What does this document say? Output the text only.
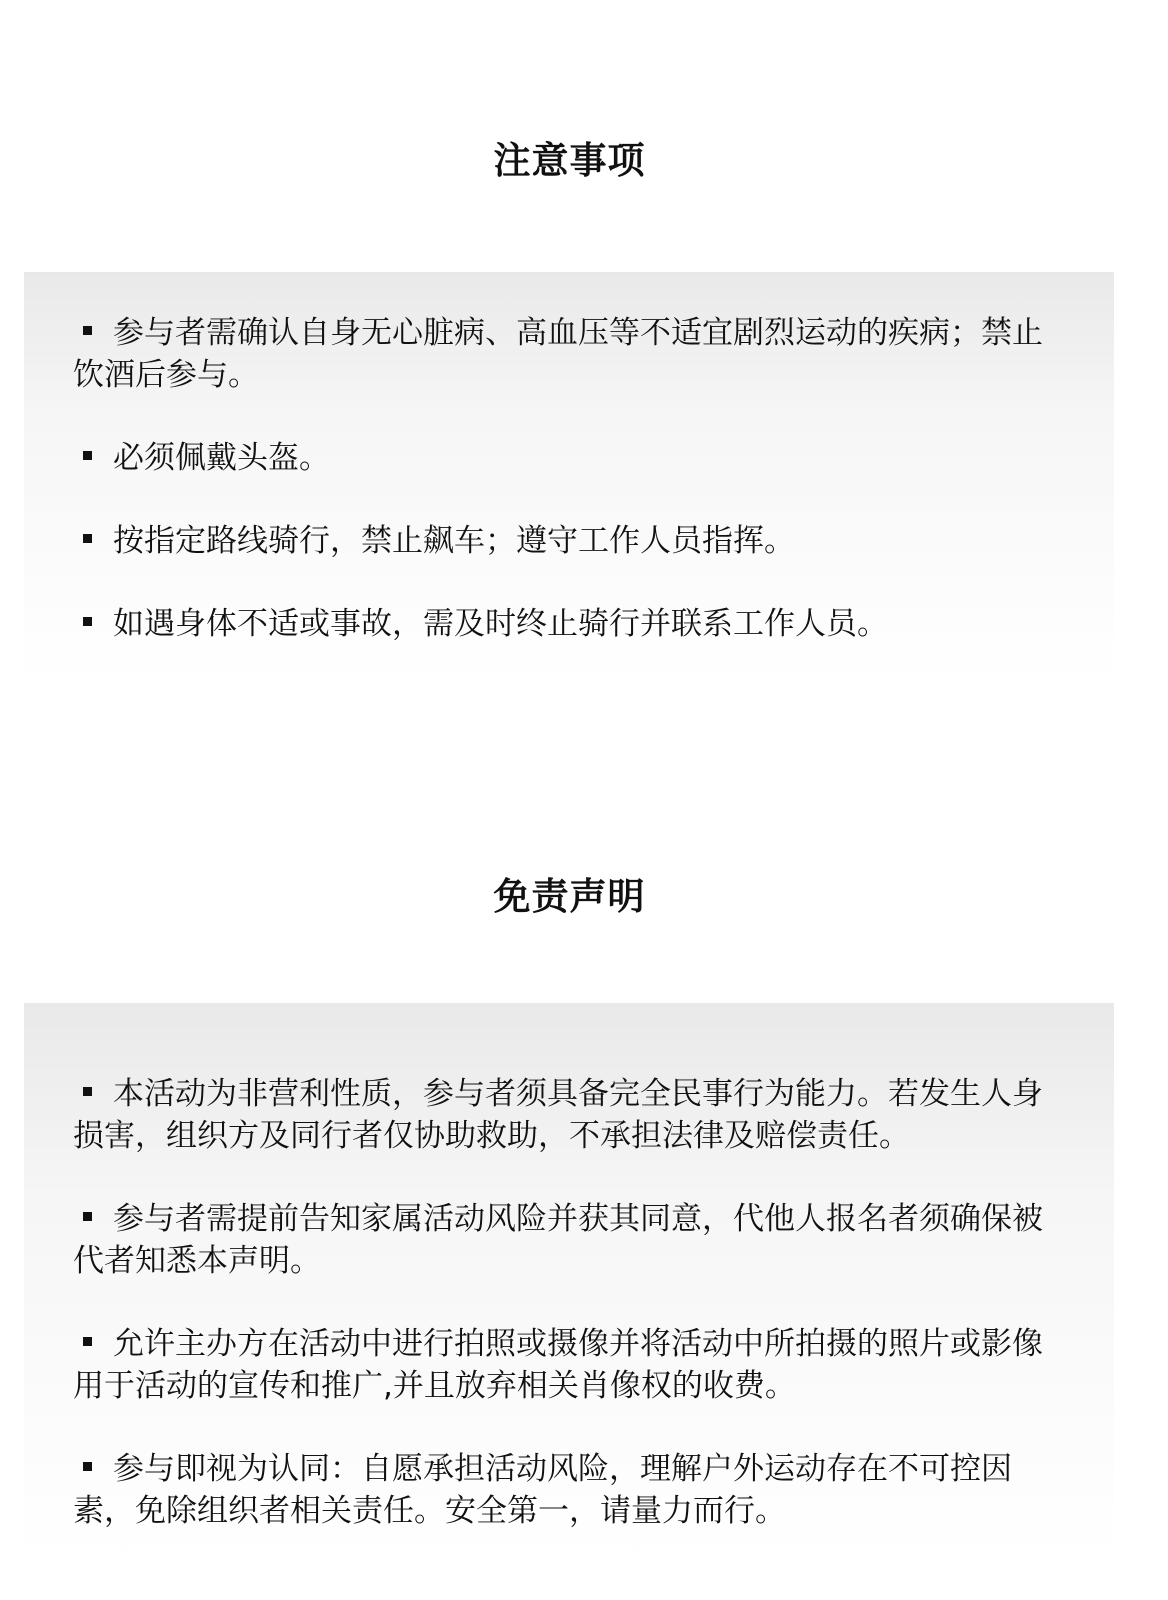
注意事项
参与者需确认自身无心脏病、高血压等不适宜剧烈运动的疾病；禁止饮酒后参与。
必须佩戴头盔。
按指定路线骑行，禁止飙车；遵守工作人员指挥。
如遇身体不适或事故，需及时终止骑行并联系工作人员。
免责声明
本活动为非营利性质，参与者须具备完全民事行为能力。若发生人身损害，组织方及同行者仅协助救助，不承担法律及赔偿责任。
参与者需提前告知家属活动风险并获其同意，代他人报名者须确保被代者知悉本声明。
允许主办方在活动中进行拍照或摄像并将活动中所拍摄的照片或影像用于活动的宣传和推广,并且放弃相关肖像权的收费。
参与即视为认同：自愿承担活动风险，理解户外运动存在不可控因素，免除组织者相关责任。安全第一，请量力而行。
